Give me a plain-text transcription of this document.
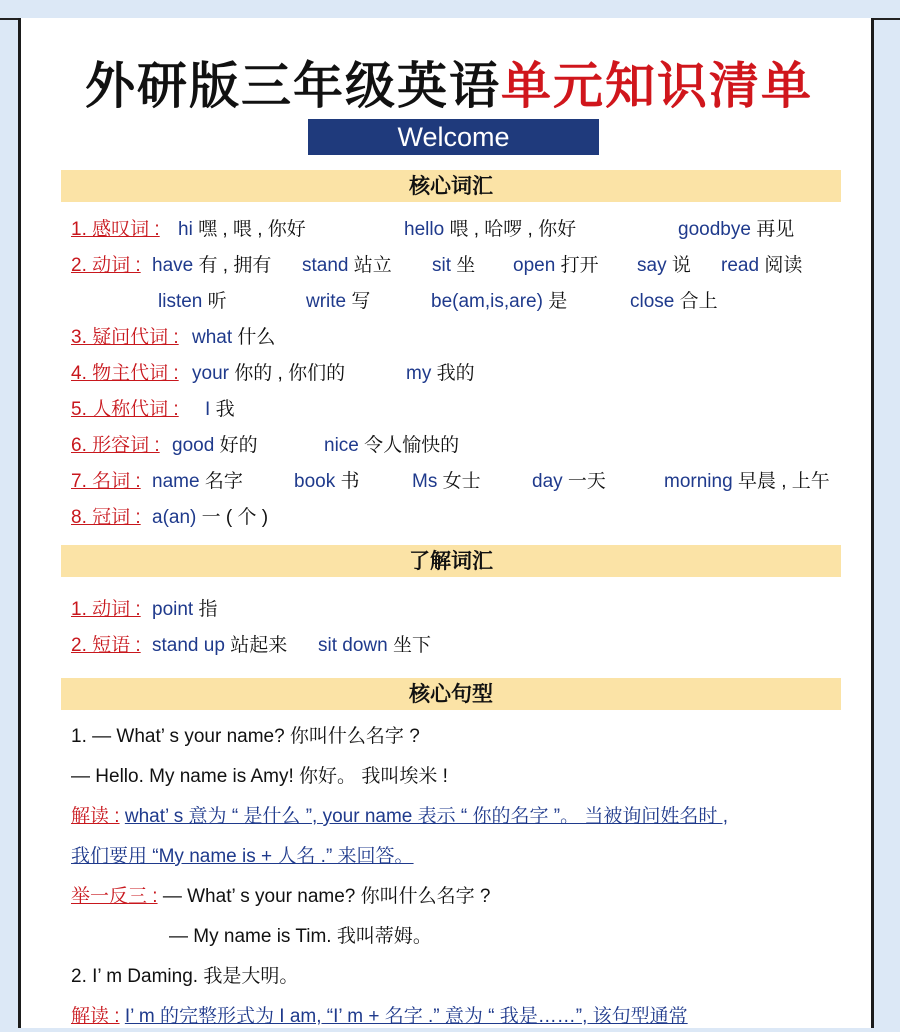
外研版三年级英语单元知识清单
Welcome
核心词汇
1. 感叹词 : hi 嘿 , 喂 , 你好	hello 喂 , 哈啰 , 你好	goodbye 再见
2. 动词 : have 有 , 拥有 stand 站立 sit 坐 open 打开 say 说 read 阅读
listen 听	write 写	be(am,is,are) 是	close 合上
3. 疑问代词 : what 什么
4. 物主代词 : your 你的 , 你们的	my 我的
5. 人称代词 : I 我
6. 形容词 : good 好的	nice 令人愉快的
7. 名词 : name 名字	book 书	Ms 女士	day 一天	morning 早晨 , 上午
8. 冠词 : a(an) 一 ( 个 )
了解词汇
1. 动词 : point 指
2. 短语 : stand up 站起来 sit down 坐下
核心句型
1. — What’ s your name? 你叫什么名字 ?
— Hello. My name is Amy! 你好。 我叫埃米 !
解读 : what’ s 意为 “ 是什么 ”, your name 表示 “ 你的名字 ”。 当被询问姓名时 ,
我们要用 “My name is + 人名 .” 来回答。
举一反三 : — What’ s your name? 你叫什么名字 ?
— My name is Tim. 我叫蒂姆。
2. I’ m Daming. 我是大明。
解读 : I’ m 的完整形式为 I am, “I’ m + 名字 .” 意为 “ 我是……”, 该句型通常
